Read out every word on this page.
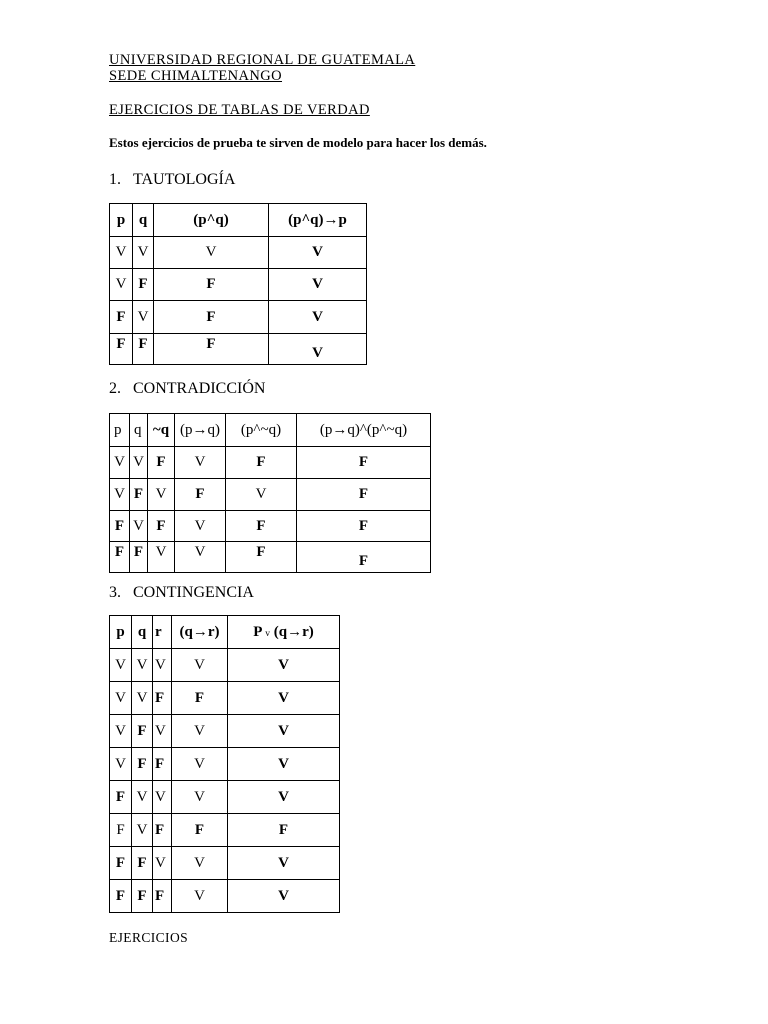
UNIVERSIDAD REGIONAL DE GUATEMALA
SEDE CHIMALTENANGO
EJERCICIOS DE TABLAS DE VERDAD
Estos ejercicios de prueba te sirven de modelo para hacer los demás.
1. TAUTOLOGÍA
p	q	(p^q)	(p^q)→p
V	V	V	V
V	F	F	V
F	V	F	V
F	F	F	V
2. CONTRADICCIÓN
p	q	~q	(p→q)	(p^~q)	(p→q)^(p^~q)
V	V	F	V	F	F
V	F	V	F	V	F
F	V	F	V	F	F
F	F	V	V	F	F
3. CONTINGENCIA
p	q	r	(q→r)	P v (q→r)
V	V	V	V	V
V	V	F	F	V
V	F	V	V	V
V	F	F	V	V
F	V	V	V	V
F	V	F	F	F
F	F	V	V	V
F	F	F	V	V
EJERCICIOS
